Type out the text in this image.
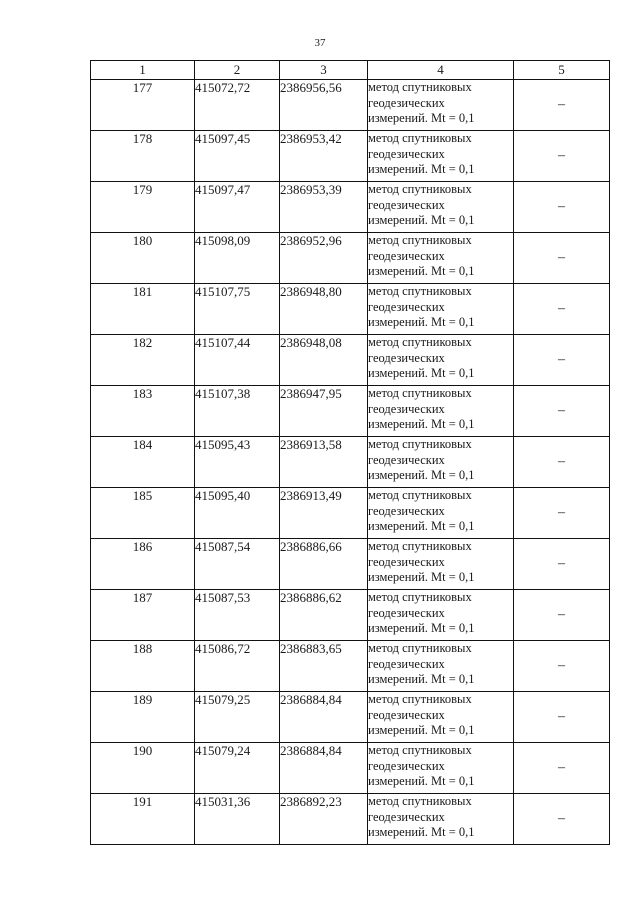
37
1	2	3	4	5
177	415072,72	2386956,56	метод спутниковых
геодезических
измерений. Mt = 0,1	–
178	415097,45	2386953,42	метод спутниковых
геодезических
измерений. Mt = 0,1	–
179	415097,47	2386953,39	метод спутниковых
геодезических
измерений. Mt = 0,1	–
180	415098,09	2386952,96	метод спутниковых
геодезических
измерений. Mt = 0,1	–
181	415107,75	2386948,80	метод спутниковых
геодезических
измерений. Mt = 0,1	–
182	415107,44	2386948,08	метод спутниковых
геодезических
измерений. Mt = 0,1	–
183	415107,38	2386947,95	метод спутниковых
геодезических
измерений. Mt = 0,1	–
184	415095,43	2386913,58	метод спутниковых
геодезических
измерений. Mt = 0,1	–
185	415095,40	2386913,49	метод спутниковых
геодезических
измерений. Mt = 0,1	–
186	415087,54	2386886,66	метод спутниковых
геодезических
измерений. Mt = 0,1	–
187	415087,53	2386886,62	метод спутниковых
геодезических
измерений. Mt = 0,1	–
188	415086,72	2386883,65	метод спутниковых
геодезических
измерений. Mt = 0,1	–
189	415079,25	2386884,84	метод спутниковых
геодезических
измерений. Mt = 0,1	–
190	415079,24	2386884,84	метод спутниковых
геодезических
измерений. Mt = 0,1	–
191	415031,36	2386892,23	метод спутниковых
геодезических
измерений. Mt = 0,1	–
